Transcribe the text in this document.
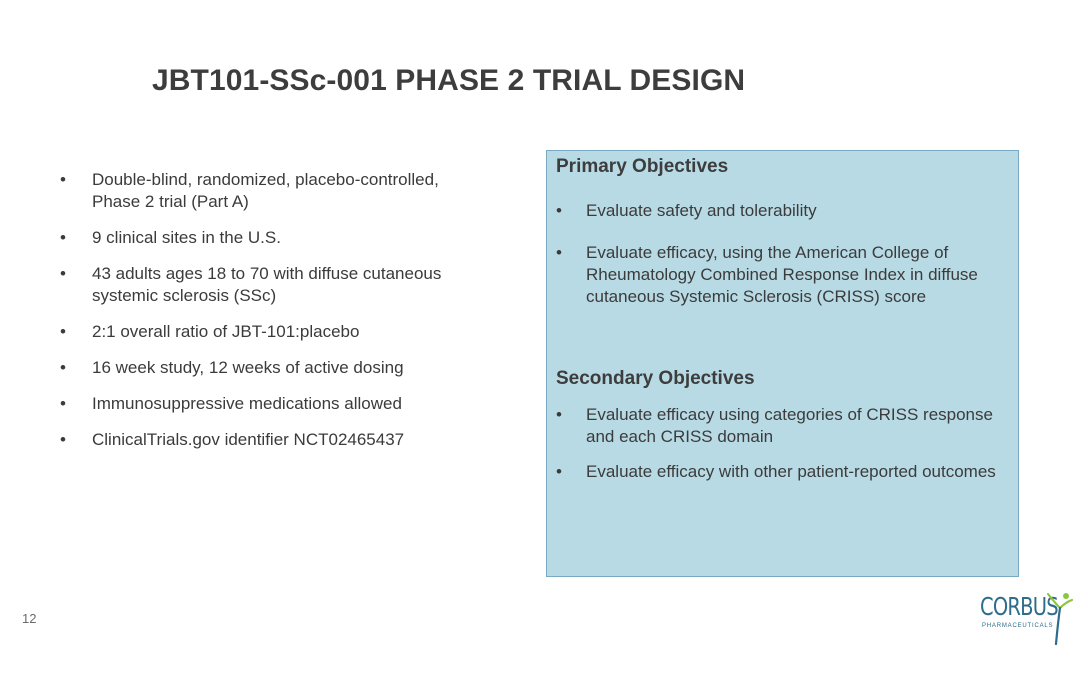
JBT101-SSc-001 PHASE 2 TRIAL DESIGN
•	Double-blind, randomized, placebo-controlled, Phase 2 trial (Part A)
•	9 clinical sites in the U.S.
•	43 adults ages 18 to 70 with diffuse cutaneous systemic sclerosis (SSc)
•	2:1 overall ratio of JBT-101:placebo
•	16 week study, 12 weeks of active dosing
•	Immunosuppressive medications allowed
•	ClinicalTrials.gov identifier NCT02465437
Primary Objectives
•	Evaluate safety and tolerability
•	Evaluate efficacy, using the American College of Rheumatology Combined Response Index in diffuse cutaneous Systemic Sclerosis (CRISS) score
Secondary Objectives
•	Evaluate efficacy using categories of CRISS response and each CRISS domain
•	Evaluate efficacy with other patient-reported outcomes
12	CORBUS
PHARMACEUTICALS
